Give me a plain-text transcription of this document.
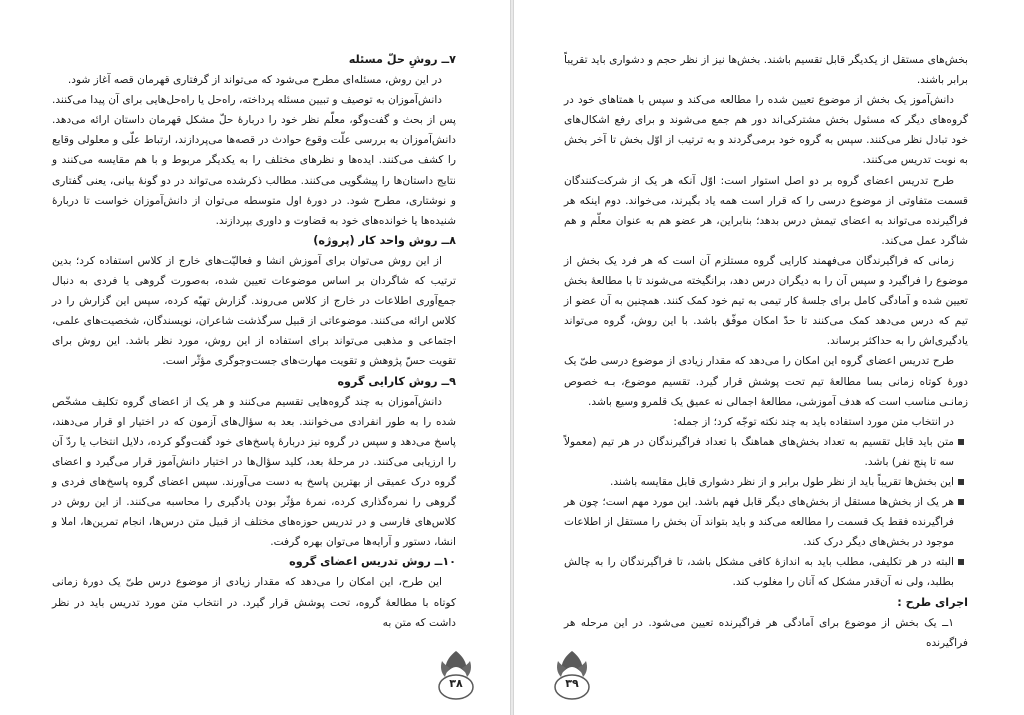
۷ــ روشِ حلّ مسئله

در این روش، مسئله‌ای مطرح می‌شود که می‌تواند از گرفتاری قهرمان قصه آغاز شود.

دانش‌آموزان به توصیف و تبیین مسئله پرداخته، راه‌حل یا راه‌حل‌هایی برای آن پیدا می‌کنند. پس از بحث و گفت‌وگو، معلّم نظر خود را دربارهٔ حلّ مشکل قهرمان داستان ارائه می‌دهد. دانش‌آموزان به بررسی علّت وقوع حوادث در قصه‌ها می‌پردازند، ارتباط علّی و معلولی وقایع را کشف می‌کنند. ایده‌ها و نظرهای مختلف را به یکدیگر مربوط و با هم مقایسه می‌کنند و نتایج داستان‌ها را پیشگویی می‌کنند. مطالب ذکرشده می‌تواند در دو گونهٔ بیانی، یعنی گفتاری و نوشتاری، مطرح شود. در دورهٔ اول متوسطه می‌توان از دانش‌آموزان خواست تا دربارهٔ شنیده‌ها یا خوانده‌های خود به قضاوت و داوری بپردازند.

۸ــ روش واحد کار (پروژه)

از این روش می‌توان برای آموزش انشا و فعالیّت‌های خارج از کلاس استفاده کرد؛ بدین ترتیب که شاگردان بر اساس موضوعات تعیین شده، به‌صورت گروهی یا فردی به دنبال جمع‌آوری اطلاعات در خارج از کلاس می‌روند. گزارش تهیّه کرده، سپس این گزارش را در کلاس ارائه می‌کنند. موضوعاتی از قبیل سرگذشت شاعران، نویسندگان، شخصیت‌های علمی، اجتماعی و مذهبی می‌تواند برای استفاده از این روش، مورد نظر باشد. این روش برای تقویت حسّ پژوهش و تقویت مهارت‌های جست‌وجوگری مؤثّر است.

۹ــ روش کارایی گروه

دانش‌آموزان به چند گروه‌هایی تقسیم می‌کنند و هر یک از اعضای گروه تکلیف مشخّص شده را به طور انفرادی می‌خوانند. بعد به سؤال‌های آزمون که در اختیار او قرار می‌دهند، پاسخ می‌دهد و سپس در گروه نیز دربارهٔ پاسخ‌های خود گفت‌وگو کرده، دلایل انتخاب یا ردّ آن را ارزیابی می‌کنند. در مرحلهٔ بعد، کلید سؤال‌ها در اختیار دانش‌آموز قرار می‌گیرد و اعضای گروه درک عمیقی از بهترین پاسخ به دست می‌آورند. سپس اعضای گروه پاسخ‌های فردی و گروهی را نمره‌گذاری کرده، نمرهٔ مؤثّر بودن یادگیری را محاسبه می‌کنند. از این روش در کلاس‌های فارسی و در تدریس حوزه‌های مختلف از قبیل متن درس‌ها، انجام تمرین‌ها، املا و انشا، دستور و آرایه‌ها می‌توان بهره گرفت.

۱۰ــ روش تدریس اعضای گروه

این طرح، این امکان را می‌دهد که مقدار زیادی از موضوع درس طیّ یک دورهٔ زمانی کوتاه با مطالعهٔ گروه، تحت پوشش قرار گیرد. در انتخاب متن مورد تدریس باید در نظر داشت که متن به

۳۸

بخش‌های مستقل از یکدیگر قابل تقسیم باشند. بخش‌ها نیز از نظر حجم و دشواری باید تقریباً برابر باشند.

دانش‌آموز یک بخش از موضوع تعیین شده را مطالعه می‌کند و سپس با همتاهای خود در گروه‌های دیگر که مسئول بخش مشترکی‌اند دور هم جمع می‌شوند و برای رفع اشکال‌های خود تبادل نظر می‌کنند. سپس به گروه خود برمی‌گردند و به ترتیب از اوّل بخش تا آخر بخش به نوبت تدریس می‌کنند.

طرح تدریس اعضای گروه بر دو اصل استوار است: اوّل آنکه هر یک از شرکت‌کنندگان قسمت متفاوتی از موضوع درسی را که قرار است همه یاد بگیرند، می‌خواند. دوم اینکه هر فراگیرنده می‌تواند به اعضای تیمش درس بدهد؛ بنابراین، هر عضو هم به عنوان معلّم و هم شاگرد عمل می‌کند.

زمانی که فراگیرندگان می‌فهمند کارایی گروه مستلزم آن است که هر فرد یک بخش از موضوع را فراگیرد و سپس آن را به دیگران درس دهد، برانگیخته می‌شوند تا با مطالعهٔ بخش تعیین شده و آمادگی کامل برای جلسهٔ کار تیمی به تیم خود کمک کنند. همچنین به آن عضو از تیم که درس می‌دهد کمک می‌کنند تا حدّ امکان موفّق باشد. با این روش، گروه می‌تواند یادگیری‌اش را به حداکثر برساند.

طرح تدریس اعضای گروه این امکان را می‌دهد که مقدار زیادی از موضوع درسی طیّ یک دورهٔ کوتاه زمانی بسا مطالعهٔ تیم تحت پوشش قرار گیرد. تقسیم موضوع، بـه خصوص زمانـی مناسب است که هدف آموزشی، مطالعهٔ اجمالی نه عمیق یک قلمرو وسیع باشد.

در انتخاب متن مورد استفاده باید به چند نکته توجّه کرد؛ از جمله:

متن باید قابل تقسیم به تعداد بخش‌های هماهنگ با تعداد فراگیرندگان در هر تیم (معمولاً سه تا پنج نفر) باشد.

این بخش‌ها تقریباً باید از نظر طول برابر و از نظر دشواری قابل مقایسه باشند.

هر یک از بخش‌ها مستقل از بخش‌های دیگر قابل فهم باشد. این مورد مهم است؛ چون هر فراگیرنده فقط یک قسمت را مطالعه می‌کند و باید بتواند آن بخش را مستقل از اطلاعات موجود در بخش‌های دیگر درک کند.

البته در هر تکلیفی، مطلب باید به اندازهٔ کافی مشکل باشد، تا فراگیرندگان را به چالش بطلبد، ولی نه آن‌قدر مشکل که آنان را مغلوب کند.

اجرای طرح :

۱ــ یک بخش از موضوع برای آمادگی هر فراگیرنده تعیین می‌شود. در این مرحله هر فراگیرنده

۳۹
